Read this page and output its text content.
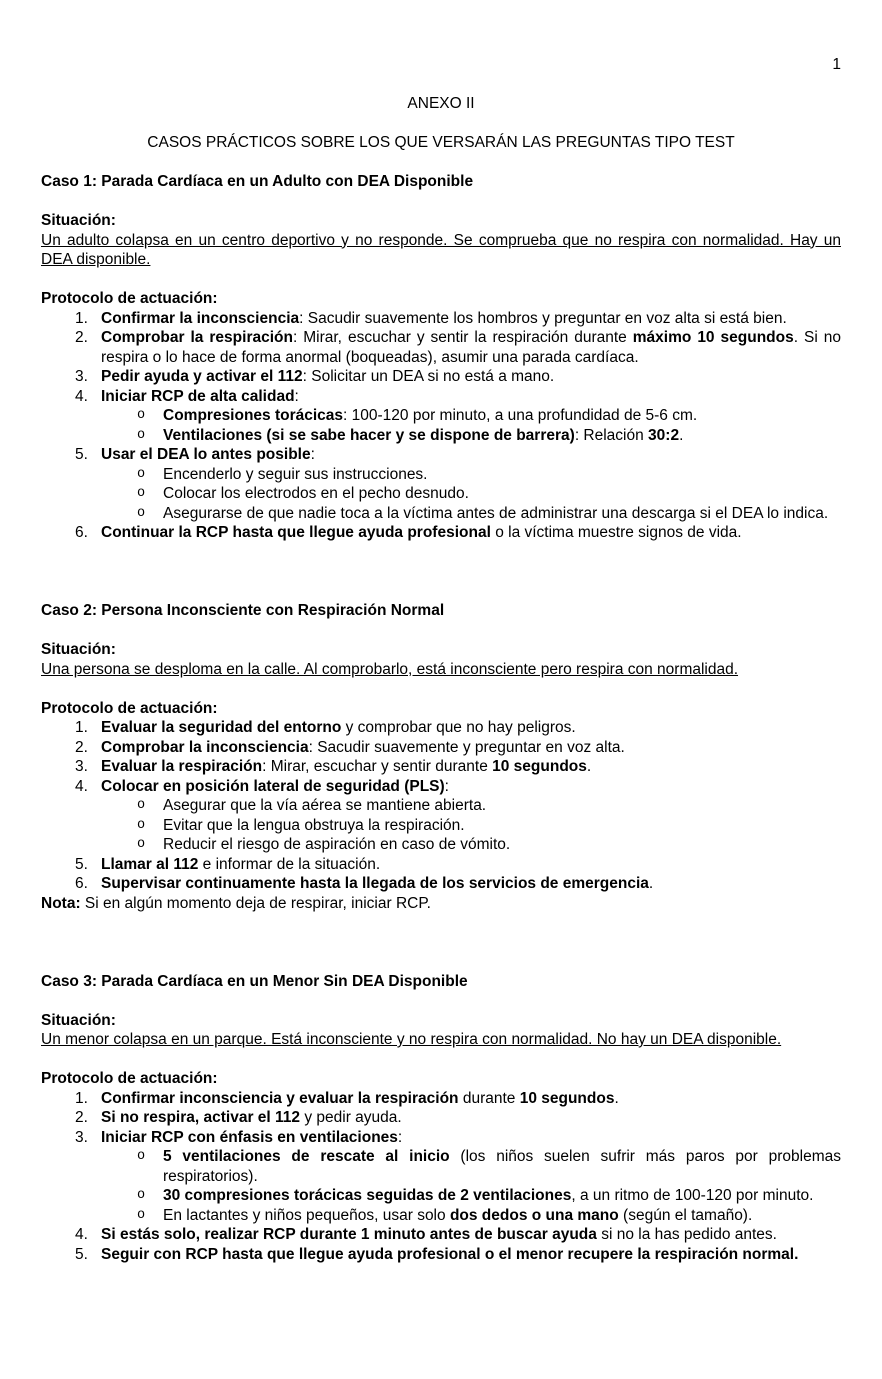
1
ANEXO II
CASOS PRÁCTICOS SOBRE LOS QUE VERSARÁN LAS PREGUNTAS TIPO TEST
Caso 1: Parada Cardíaca en un Adulto con DEA Disponible
Situación:
Un adulto colapsa en un centro deportivo y no responde. Se comprueba que no respira con normalidad. Hay un DEA disponible.
Protocolo de actuación:
1. Confirmar la inconsciencia: Sacudir suavemente los hombros y preguntar en voz alta si está bien.
2. Comprobar la respiración: Mirar, escuchar y sentir la respiración durante máximo 10 segundos. Si no respira o lo hace de forma anormal (boqueadas), asumir una parada cardíaca.
3. Pedir ayuda y activar el 112: Solicitar un DEA si no está a mano.
4. Iniciar RCP de alta calidad:
o Compresiones torácicas: 100-120 por minuto, a una profundidad de 5-6 cm.
o Ventilaciones (si se sabe hacer y se dispone de barrera): Relación 30:2.
5. Usar el DEA lo antes posible:
o Encenderlo y seguir sus instrucciones.
o Colocar los electrodos en el pecho desnudo.
o Asegurarse de que nadie toca a la víctima antes de administrar una descarga si el DEA lo indica.
6. Continuar la RCP hasta que llegue ayuda profesional o la víctima muestre signos de vida.
Caso 2: Persona Inconsciente con Respiración Normal
Situación:
Una persona se desploma en la calle. Al comprobarlo, está inconsciente pero respira con normalidad.
Protocolo de actuación:
1. Evaluar la seguridad del entorno y comprobar que no hay peligros.
2. Comprobar la inconsciencia: Sacudir suavemente y preguntar en voz alta.
3. Evaluar la respiración: Mirar, escuchar y sentir durante 10 segundos.
4. Colocar en posición lateral de seguridad (PLS):
o Asegurar que la vía aérea se mantiene abierta.
o Evitar que la lengua obstruya la respiración.
o Reducir el riesgo de aspiración en caso de vómito.
5. Llamar al 112 e informar de la situación.
6. Supervisar continuamente hasta la llegada de los servicios de emergencia.
Nota: Si en algún momento deja de respirar, iniciar RCP.
Caso 3: Parada Cardíaca en un Menor Sin DEA Disponible
Situación:
Un menor colapsa en un parque. Está inconsciente y no respira con normalidad. No hay un DEA disponible.
Protocolo de actuación:
1. Confirmar inconsciencia y evaluar la respiración durante 10 segundos.
2. Si no respira, activar el 112 y pedir ayuda.
3. Iniciar RCP con énfasis en ventilaciones:
o 5 ventilaciones de rescate al inicio (los niños suelen sufrir más paros por problemas respiratorios).
o 30 compresiones torácicas seguidas de 2 ventilaciones, a un ritmo de 100-120 por minuto.
o En lactantes y niños pequeños, usar solo dos dedos o una mano (según el tamaño).
4. Si estás solo, realizar RCP durante 1 minuto antes de buscar ayuda si no la has pedido antes.
5. Seguir con RCP hasta que llegue ayuda profesional o el menor recupere la respiración normal.
